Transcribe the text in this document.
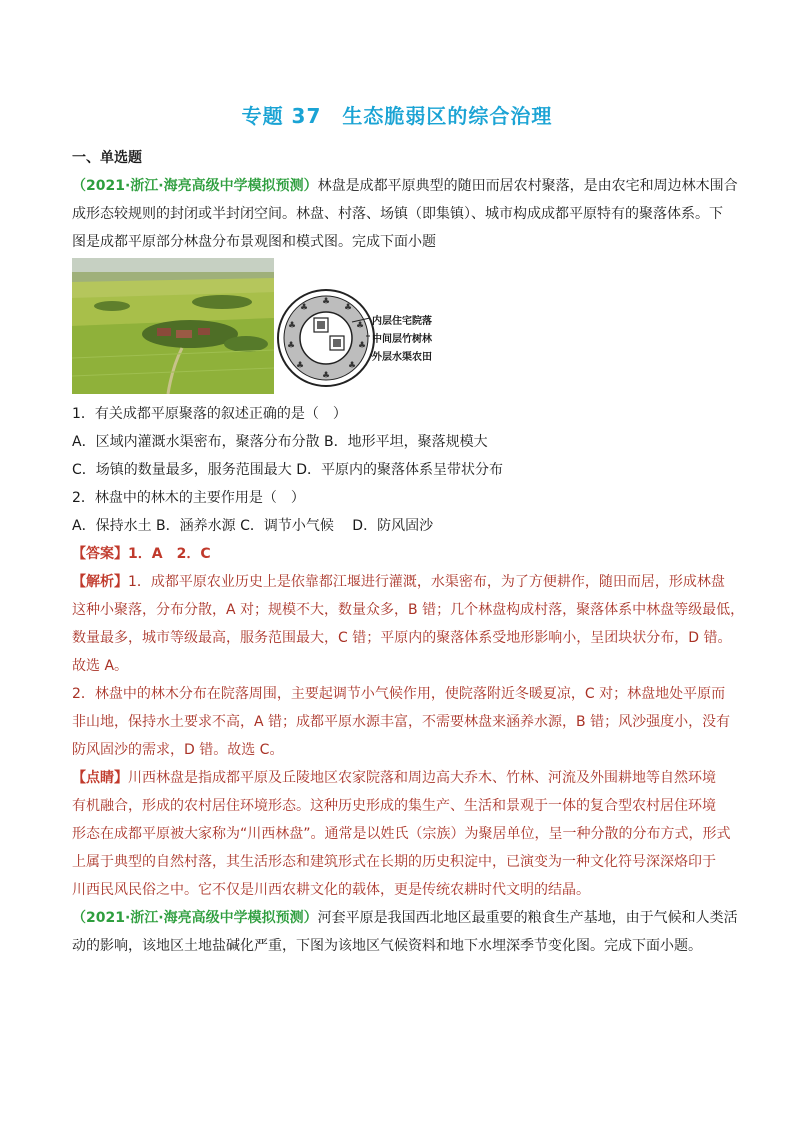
专题 37　生态脆弱区的综合治理
一、单选题
（2021·浙江·海亮高级中学模拟预测）林盘是成都平原典型的随田而居农村聚落，是由农宅和周边林木围合
成形态较规则的封闭或半封闭空间。林盘、村落、场镇（即集镇）、城市构成成都平原特有的聚落体系。下
图是成都平原部分林盘分布景观图和模式图。完成下面小题
♣
♣	♣
♣	♣
♣	♣
♣	♣
♣
内层住宅院落
中间层竹树林
外层水渠农田
1．有关成都平原聚落的叙述正确的是（　）
A．区域内灌溉水渠密布，聚落分布分散 B．地形平坦，聚落规模大
C．场镇的数量最多，服务范围最大 D．平原内的聚落体系呈带状分布
2．林盘中的林木的主要作用是（　）
A．保持水土 B．涵养水源 C．调节小气候　 D．防风固沙
【答案】1．A　2．C
【解析】1．成都平原农业历史上是依靠都江堰进行灌溉，水渠密布，为了方便耕作，随田而居，形成林盘
这种小聚落，分布分散，A 对；规模不大，数量众多，B 错；几个林盘构成村落，聚落体系中林盘等级最低，
数量最多，城市等级最高，服务范围最大，C 错；平原内的聚落体系受地形影响小，呈团块状分布，D 错。
故选 A。
2．林盘中的林木分布在院落周围，主要起调节小气候作用，使院落附近冬暖夏凉，C 对；林盘地处平原而
非山地，保持水土要求不高，A 错；成都平原水源丰富，不需要林盘来涵养水源，B 错；风沙强度小，没有
防风固沙的需求，D 错。故选 C。
【点睛】川西林盘是指成都平原及丘陵地区农家院落和周边高大乔木、竹林、河流及外围耕地等自然环境
有机融合，形成的农村居住环境形态。这种历史形成的集生产、生活和景观于一体的复合型农村居住环境
形态在成都平原被大家称为“川西林盘”。通常是以姓氏（宗族）为聚居单位，呈一种分散的分布方式，形式
上属于典型的自然村落，其生活形态和建筑形式在长期的历史积淀中，已演变为一种文化符号深深烙印于
川西民风民俗之中。它不仅是川西农耕文化的载体，更是传统农耕时代文明的结晶。
（2021·浙江·海亮高级中学模拟预测）河套平原是我国西北地区最重要的粮食生产基地，由于气候和人类活
动的影响，该地区土地盐碱化严重，下图为该地区气候资料和地下水埋深季节变化图。完成下面小题。
